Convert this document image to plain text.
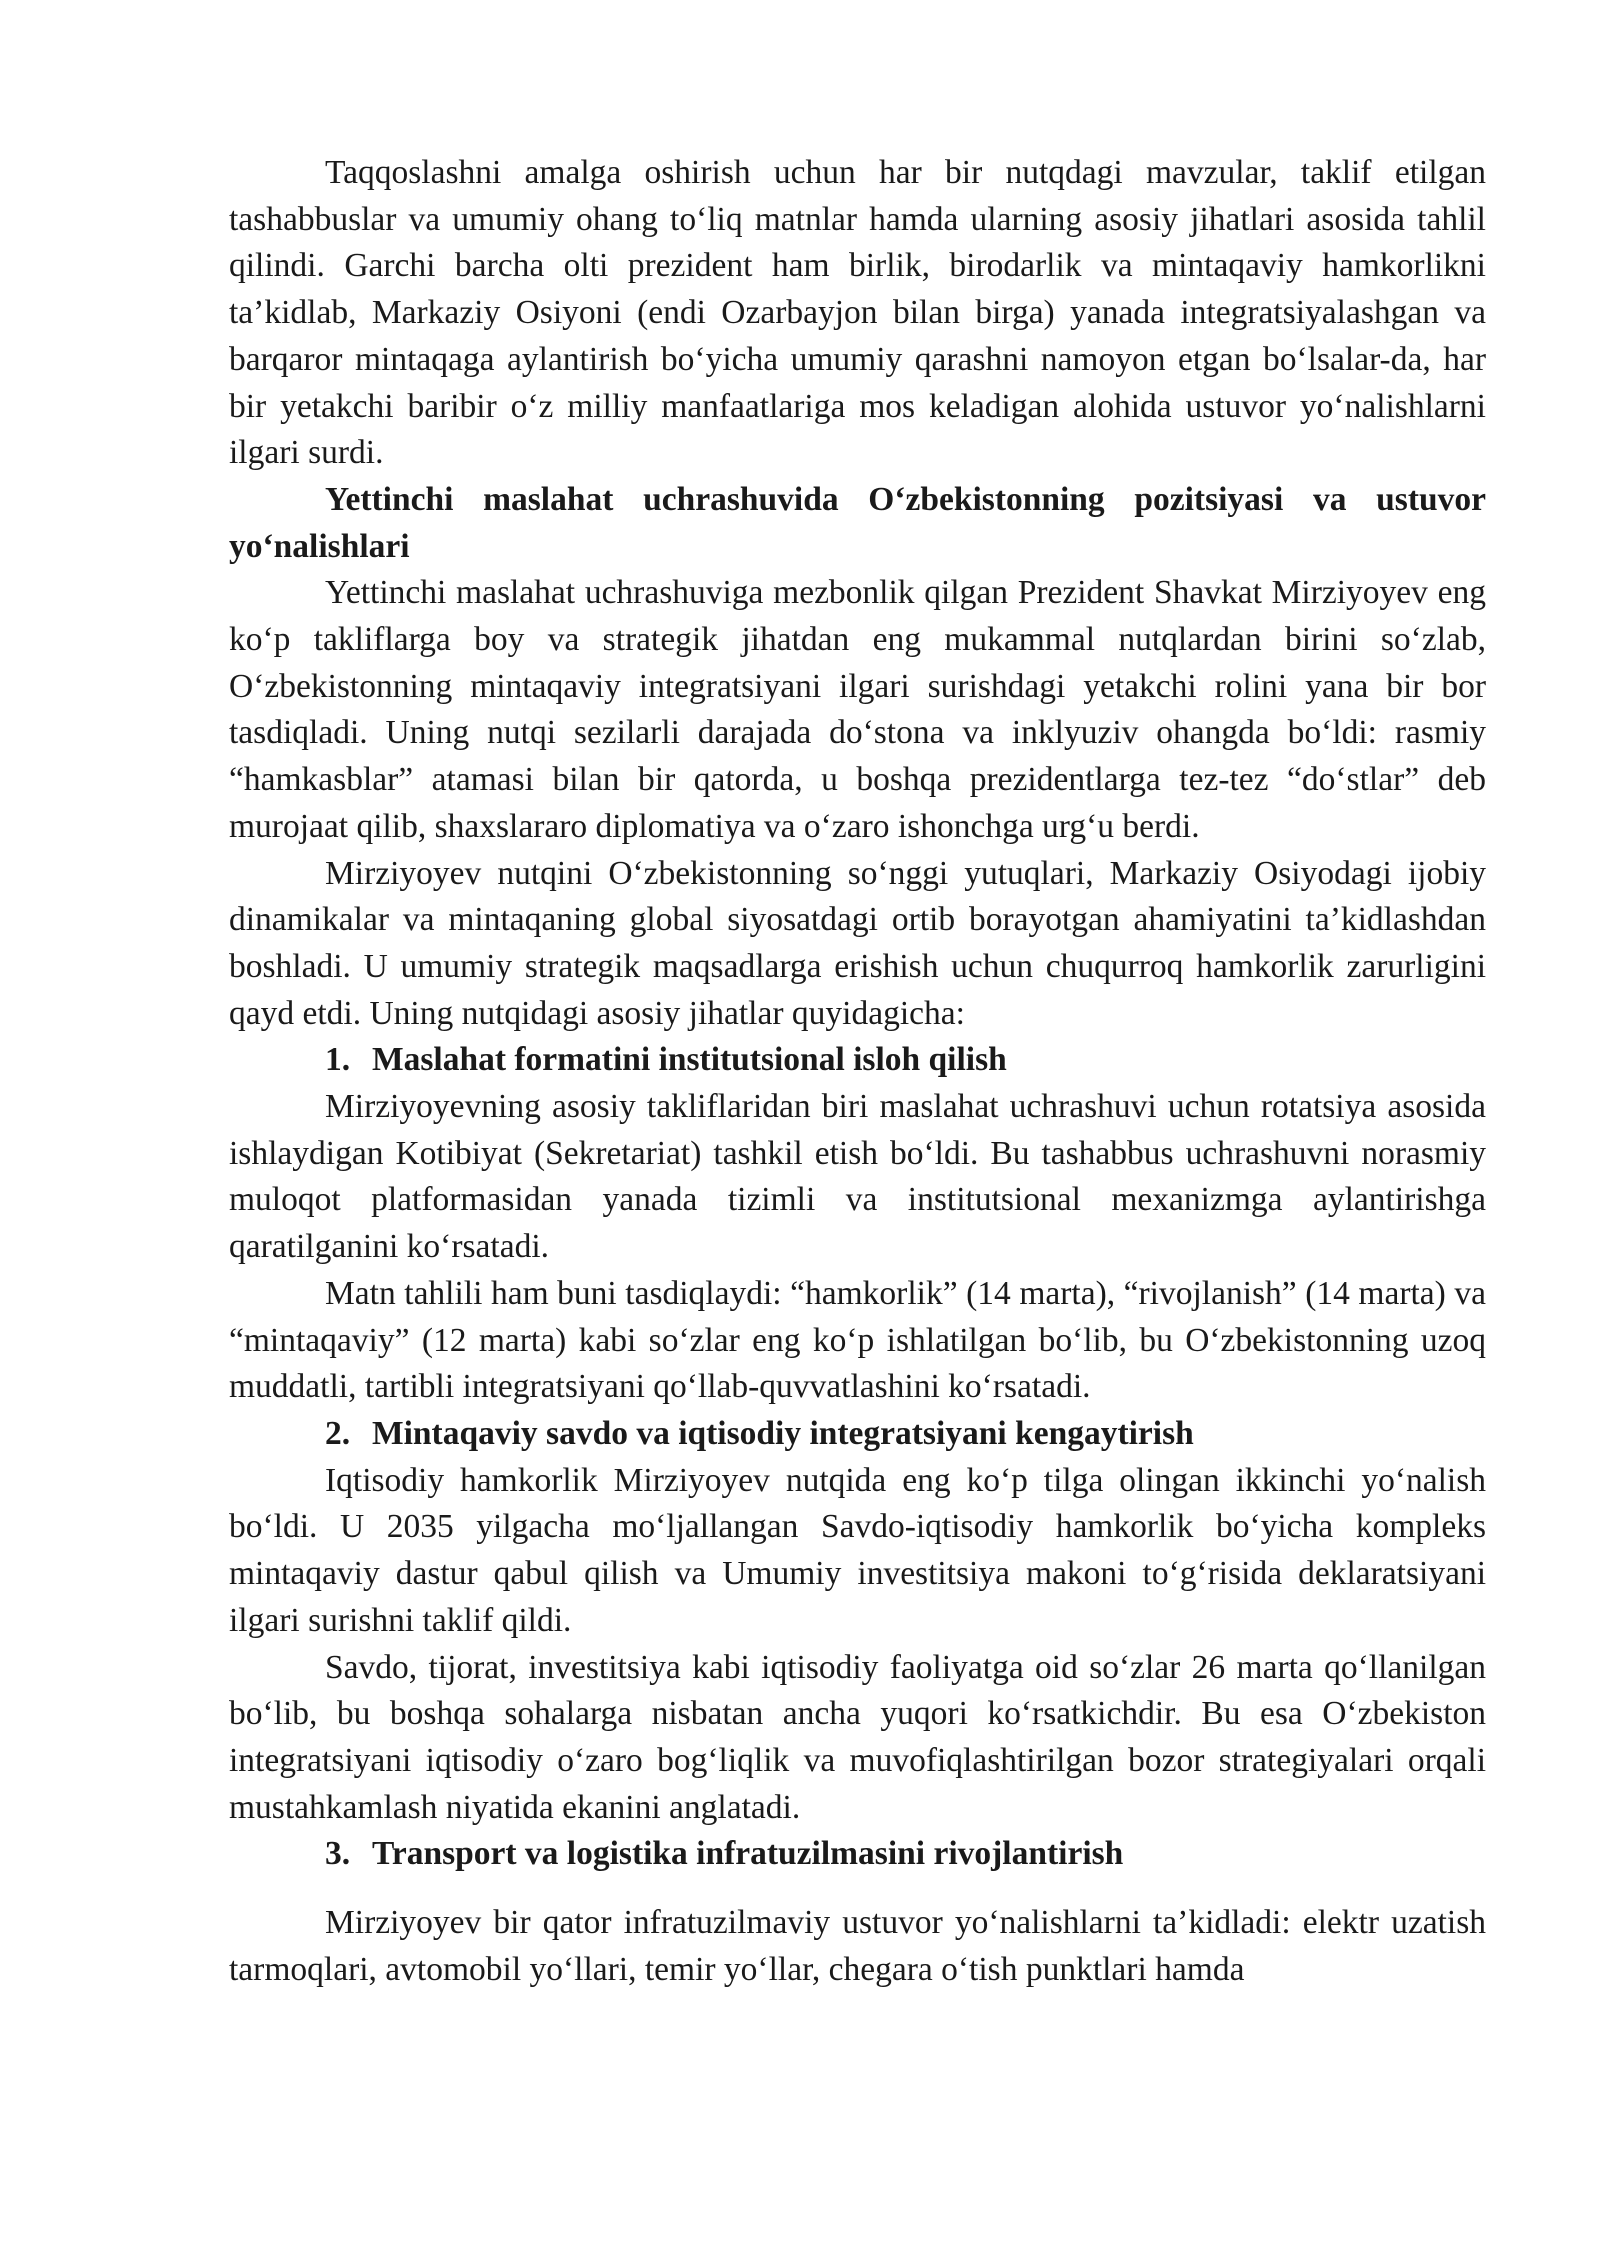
Taqqoslashni amalga oshirish uchun har bir nutqdagi mavzular, taklif etilgan tashabbuslar va umumiy ohang to‘liq matnlar hamda ularning asosiy jihatlari asosida tahlil qilindi. Garchi barcha olti prezident ham birlik, birodarlik va mintaqaviy hamkorlikni ta’kidlab, Markaziy Osiyoni (endi Ozarbayjon bilan birga) yanada integratsiyalashgan va barqaror mintaqaga aylantirish bo‘yicha umumiy qarashni namoyon etgan bo‘lsalar-da, har bir yetakchi baribir o‘z milliy manfaatlariga mos keladigan alohida ustuvor yo‘nalishlarni ilgari surdi.

Yettinchi maslahat uchrashuvida O‘zbekistonning pozitsiyasi va ustuvor yo‘nalishlari

Yettinchi maslahat uchrashuviga mezbonlik qilgan Prezident Shavkat Mirziyoyev eng ko‘p takliflarga boy va strategik jihatdan eng mukammal nutqlardan birini so‘zlab, O‘zbekistonning mintaqaviy integratsiyani ilgari surishdagi yetakchi rolini yana bir bor tasdiqladi. Uning nutqi sezilarli darajada do‘stona va inklyuziv ohangda bo‘ldi: rasmiy “hamkasblar” atamasi bilan bir qatorda, u boshqa prezidentlarga tez-tez “do‘stlar” deb murojaat qilib, shaxslararo diplomatiya va o‘zaro ishonchga urg‘u berdi.

Mirziyoyev nutqini O‘zbekistonning so‘nggi yutuqlari, Markaziy Osiyodagi ijobiy dinamikalar va mintaqaning global siyosatdagi ortib borayotgan ahamiyatini ta’kidlashdan boshladi. U umumiy strategik maqsadlarga erishish uchun chuqurroq hamkorlik zarurligini qayd etdi. Uning nutqidagi asosiy jihatlar quyidagicha:

1. Maslahat formatini institutsional isloh qilish

Mirziyoyevning asosiy takliflaridan biri maslahat uchrashuvi uchun rotatsiya asosida ishlaydigan Kotibiyat (Sekretariat) tashkil etish bo‘ldi. Bu tashabbus uchrashuvni norasmiy muloqot platformasidan yanada tizimli va institutsional mexanizmga aylantirishga qaratilganini ko‘rsatadi.

Matn tahlili ham buni tasdiqlaydi: “hamkorlik” (14 marta), “rivojlanish” (14 marta) va “mintaqaviy” (12 marta) kabi so‘zlar eng ko‘p ishlatilgan bo‘lib, bu O‘zbekistonning uzoq muddatli, tartibli integratsiyani qo‘llab-quvvatlashini ko‘rsatadi.

2. Mintaqaviy savdo va iqtisodiy integratsiyani kengaytirish

Iqtisodiy hamkorlik Mirziyoyev nutqida eng ko‘p tilga olingan ikkinchi yo‘nalish bo‘ldi. U 2035 yilgacha mo‘ljallangan Savdo-iqtisodiy hamkorlik bo‘yicha kompleks mintaqaviy dastur qabul qilish va Umumiy investitsiya makoni to‘g‘risida deklaratsiyani ilgari surishni taklif qildi.

Savdo, tijorat, investitsiya kabi iqtisodiy faoliyatga oid so‘zlar 26 marta qo‘llanilgan bo‘lib, bu boshqa sohalarga nisbatan ancha yuqori ko‘rsatkichdir. Bu esa O‘zbekiston integratsiyani iqtisodiy o‘zaro bog‘liqlik va muvofiqlashtirilgan bozor strategiyalari orqali mustahkamlash niyatida ekanini anglatadi.

3. Transport va logistika infratuzilmasini rivojlantirish

Mirziyoyev bir qator infratuzilmaviy ustuvor yo‘nalishlarni ta’kidladi: elektr uzatish tarmoqlari, avtomobil yo‘llari, temir yo‘llar, chegara o‘tish punktlari hamda
